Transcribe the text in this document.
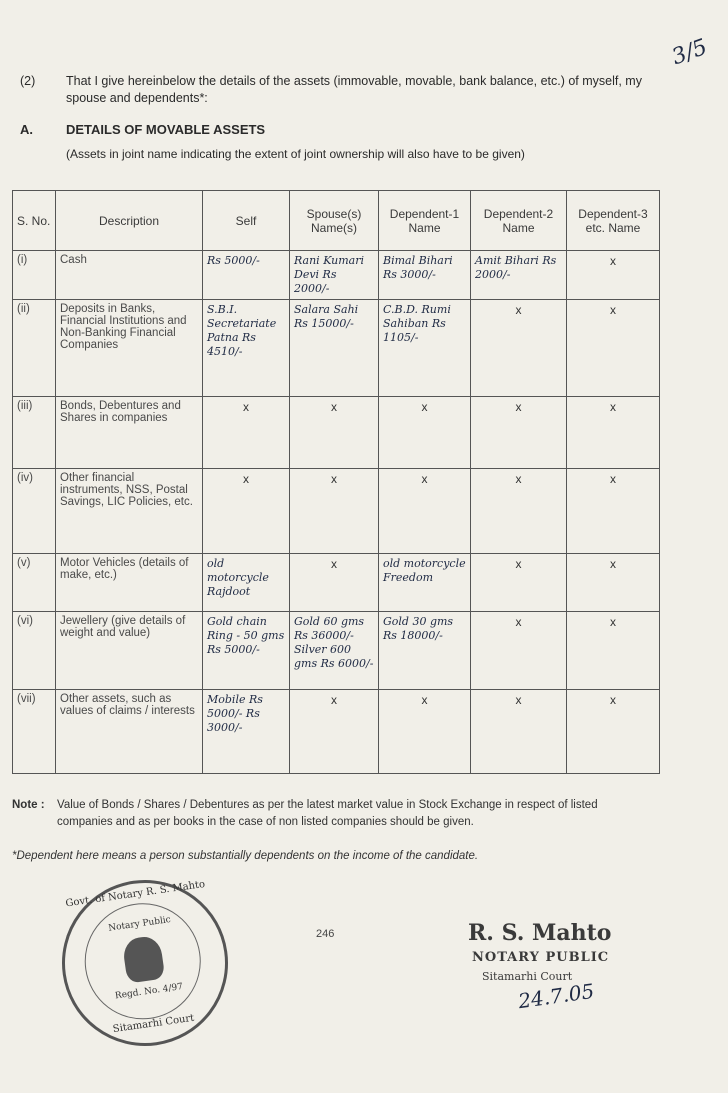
3/5
(2) That I give hereinbelow the details of the assets (immovable, movable, bank balance, etc.) of myself, my spouse and dependents*:
A.	DETAILS OF MOVABLE ASSETS
(Assets in joint name indicating the extent of joint ownership will also have to be given)
S. No.	Description	Self	Spouse(s) Name(s)	Dependent-1 Name	Dependent-2 Name	Dependent-3 etc. Name
(i)	Cash	Rs 5000/-	Rani Kumari Devi Rs 2000/-	Bimal Bihari Rs 3000/-	Amit Bihari Rs 2000/-	x
(ii)	Deposits in Banks, Financial Institutions and Non-Banking Financial Companies	S.B.I. Secretariate Patna Rs 4510/-	Salara Sahi Rs 15000/-	C.B.D. Rumi Sahiban Rs 1105/-	x	x
(iii)	Bonds, Debentures and Shares in companies	x	x	x	x	x
(iv)	Other financial instruments, NSS, Postal Savings, LIC Policies, etc.	x	x	x	x	x
(v)	Motor Vehicles (details of make, etc.)	old motorcycle Rajdoot	x	old motorcycle Freedom	x	x
(vi)	Jewellery (give details of weight and value)	Gold chain Ring - 50 gms Rs 5000/-	Gold 60 gms Rs 36000/- Silver 600 gms Rs 6000/-	Gold 30 gms Rs 18000/-	x	x
(vii)	Other assets, such as values of claims / interests	Mobile Rs 5000/- Rs 3000/-	x	x	x	x
Note : Value of Bonds / Shares / Debentures as per the latest market value in Stock Exchange in respect of listed companies and as per books in the case of non listed companies should be given.
*Dependent here means a person substantially dependents on the income of the candidate.
Govt. of Notary R. S. Mahto
Notary Public
Regd. No. 4/97
Sitamarhi Court
246	R. S. Mahto
NOTARY PUBLIC
Sitamarhi Court
24.7.05
